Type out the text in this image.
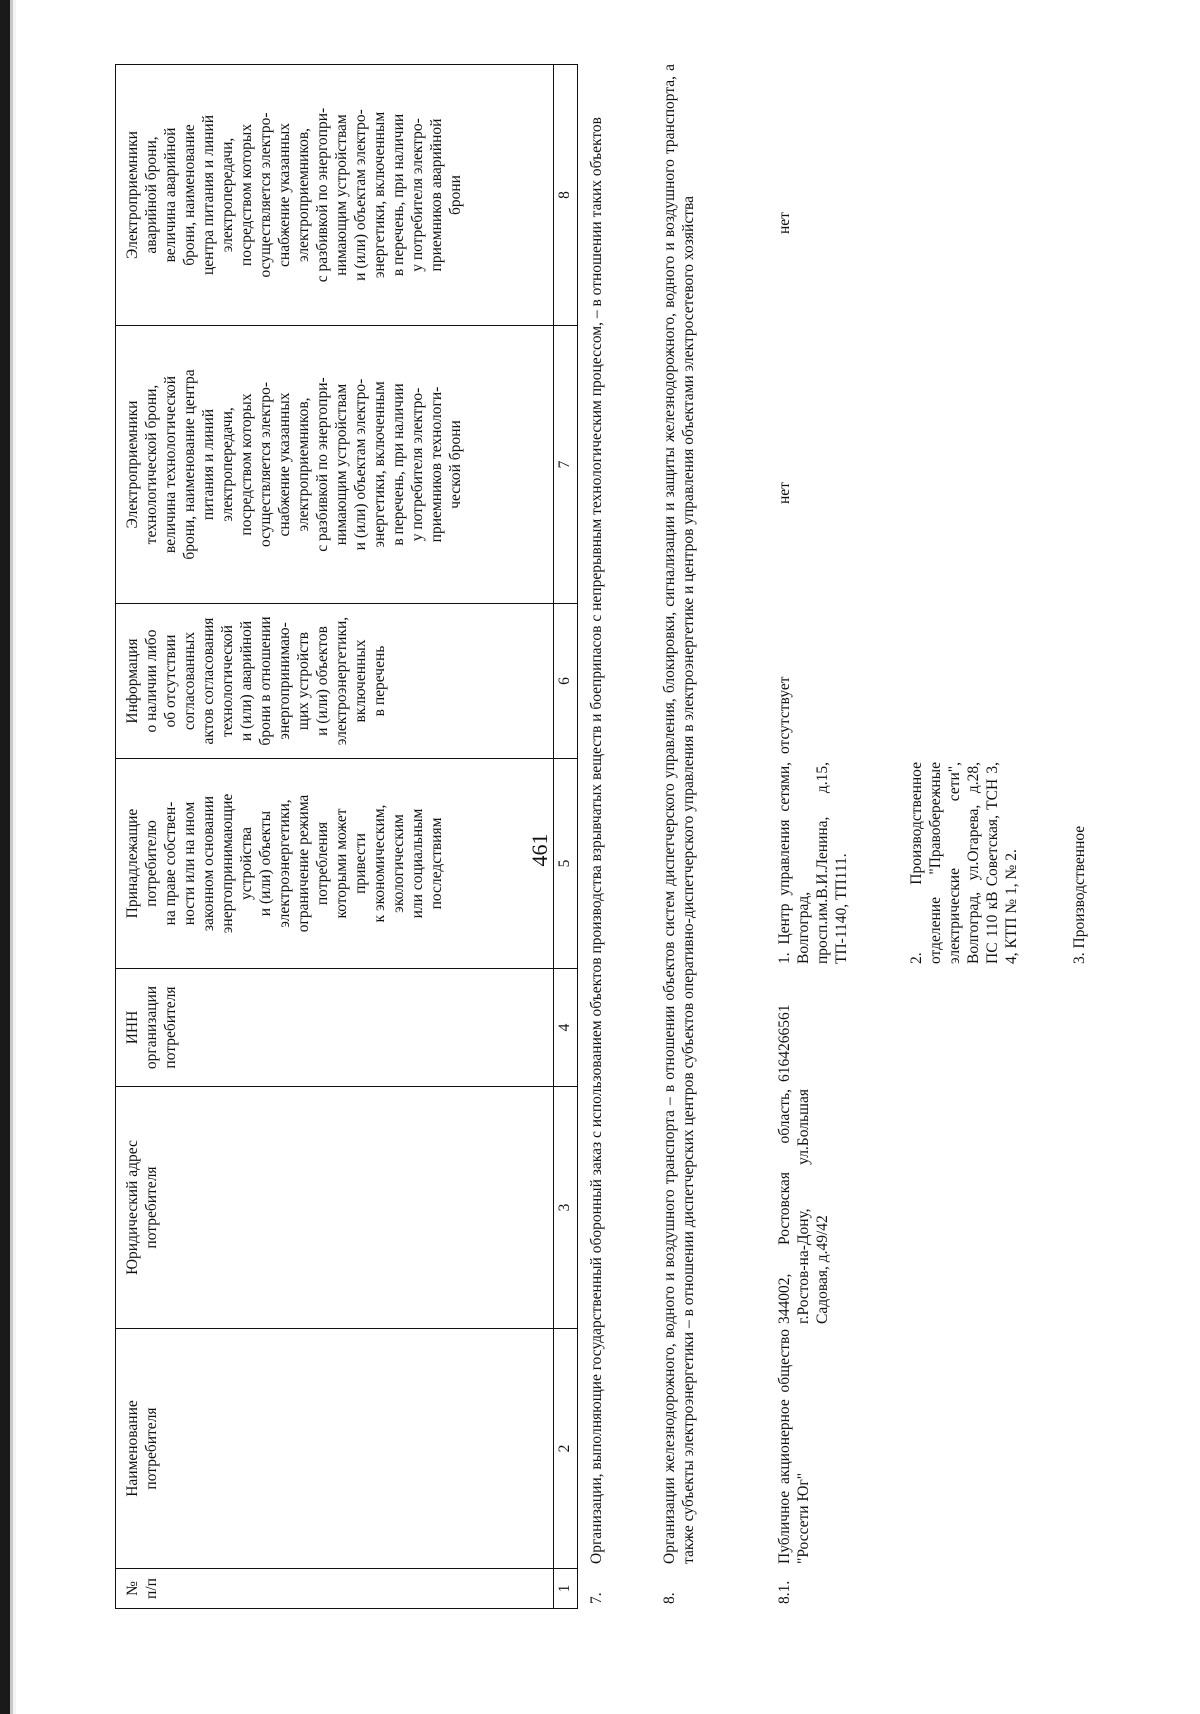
461
№
п/п
Наименование
потребителя
Юридический адрес
потребителя
ИНН
организации
потребителя
Принадлежащие
потребителю
на праве собствен-
ности или на ином
законном основании
энергопринимающие
устройства
и (или) объекты
электроэнергетики,
ограничение режима
потребления
которыми может
привести
к экономическим,
экологическим
или социальным
последствиям
Информация
о наличии либо
об отсутствии
согласованных
актов согласования
технологической
и (или) аварийной
брони в отношении
энергопринимаю-
щих устройств
и (или) объектов
электроэнергетики,
включенных
в перечень
Электроприемники
технологической брони,
величина технологической
брони, наименование центра
питания и линий
электропередачи,
посредством которых
осуществляется электро-
снабжение указанных
электроприемников,
с разбивкой по энергопри-
нимающим устройствам
и (или) объектам электро-
энергетики, включенным
в перечень, при наличии
у потребителя электро-
приемников технологи-
ческой брони
Электроприемники
аварийной брони,
величина аварийной
брони, наименование
центра питания и линий
электропередачи,
посредством которых
осуществляется электро-
снабжение указанных
электроприемников,
с разбивкой по энергопри-
нимающим устройствам
и (или) объектам электро-
энергетики, включенным
в перечень, при наличии
у потребителя электро-
приемников аварийной
брони
1
2
3
4
5
6
7
8
7.
Организации, выполняющие государственный оборонный заказ с использованием объектов производства взрывчатых веществ и боеприпасов с непрерывным технологическим процессом, – в отношении таких объектов
8.
Организации железнодорожного, водного и воздушного транспорта – в отношении объектов систем диспетчерского управления, блокировки, сигнализации и защиты железнодорожного, водного и воздушного транспорта, а также субъекты электроэнергетики – в отношении диспетчерских центров субъектов оперативно-диспетчерского управления в электроэнергетике и центров управления объектами электросетевого хозяйства
8.1.
Публичное акционерное общество "Россети Юг"
344002, Ростовская область, г.Ростов-на-Дону, ул.Большая Садовая, д.49/42
6164266561
1. Центр управления сетями, Волгоград, просп.им.В.И.Ленина, д.15, ТП-1140, ТП111.	2. Производственное отделение "Правобережные электрические сети", Волгоград, ул.Огарева, д.28, ПС 110 кВ Советская, ТСН 3, 4, КТП № 1, № 2.	3. Производственное
отсутствует
нет
нет
